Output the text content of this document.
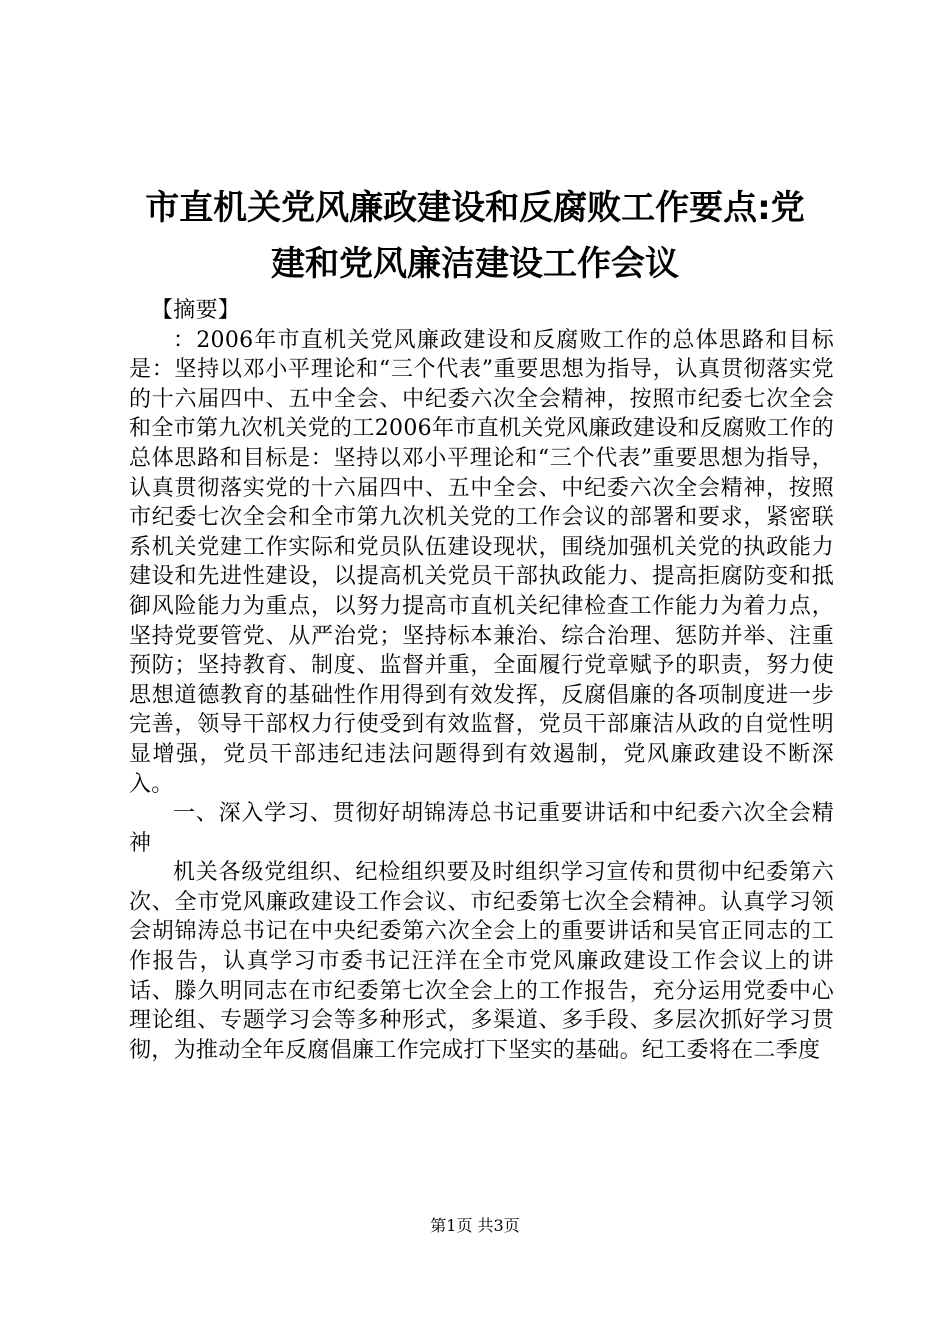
市直机关党风廉政建设和反腐败工作要点:党
建和党风廉洁建设工作会议

【摘要】

：2006年市直机关党风廉政建设和反腐败工作的总体思路和目标是：坚持以邓小平理论和“三个代表”重要思想为指导，认真贯彻落实党的十六届四中、五中全会、中纪委六次全会精神，按照市纪委七次全会和全市第九次机关党的工2006年市直机关党风廉政建设和反腐败工作的总体思路和目标是：坚持以邓小平理论和“三个代表”重要思想为指导，认真贯彻落实党的十六届四中、五中全会、中纪委六次全会精神，按照市纪委七次全会和全市第九次机关党的工作会议的部署和要求，紧密联系机关党建工作实际和党员队伍建设现状，围绕加强机关党的执政能力建设和先进性建设，以提高机关党员干部执政能力、提高拒腐防变和抵御风险能力为重点，以努力提高市直机关纪律检查工作能力为着力点，坚持党要管党、从严治党；坚持标本兼治、综合治理、惩防并举、注重预防；坚持教育、制度、监督并重，全面履行党章赋予的职责，努力使思想道德教育的基础性作用得到有效发挥，反腐倡廉的各项制度进一步完善，领导干部权力行使受到有效监督，党员干部廉洁从政的自觉性明显增强，党员干部违纪违法问题得到有效遏制，党风廉政建设不断深入。

一、深入学习、贯彻好胡锦涛总书记重要讲话和中纪委六次全会精神

机关各级党组织、纪检组织要及时组织学习宣传和贯彻中纪委第六次、全市党风廉政建设工作会议、市纪委第七次全会精神。认真学习领会胡锦涛总书记在中央纪委第六次全会上的重要讲话和吴官正同志的工作报告，认真学习市委书记汪洋在全市党风廉政建设工作会议上的讲话、滕久明同志在市纪委第七次全会上的工作报告，充分运用党委中心理论组、专题学习会等多种形式，多渠道、多手段、多层次抓好学习贯彻，为推动全年反腐倡廉工作完成打下坚实的基础。纪工委将在二季度

第1页 共3页
